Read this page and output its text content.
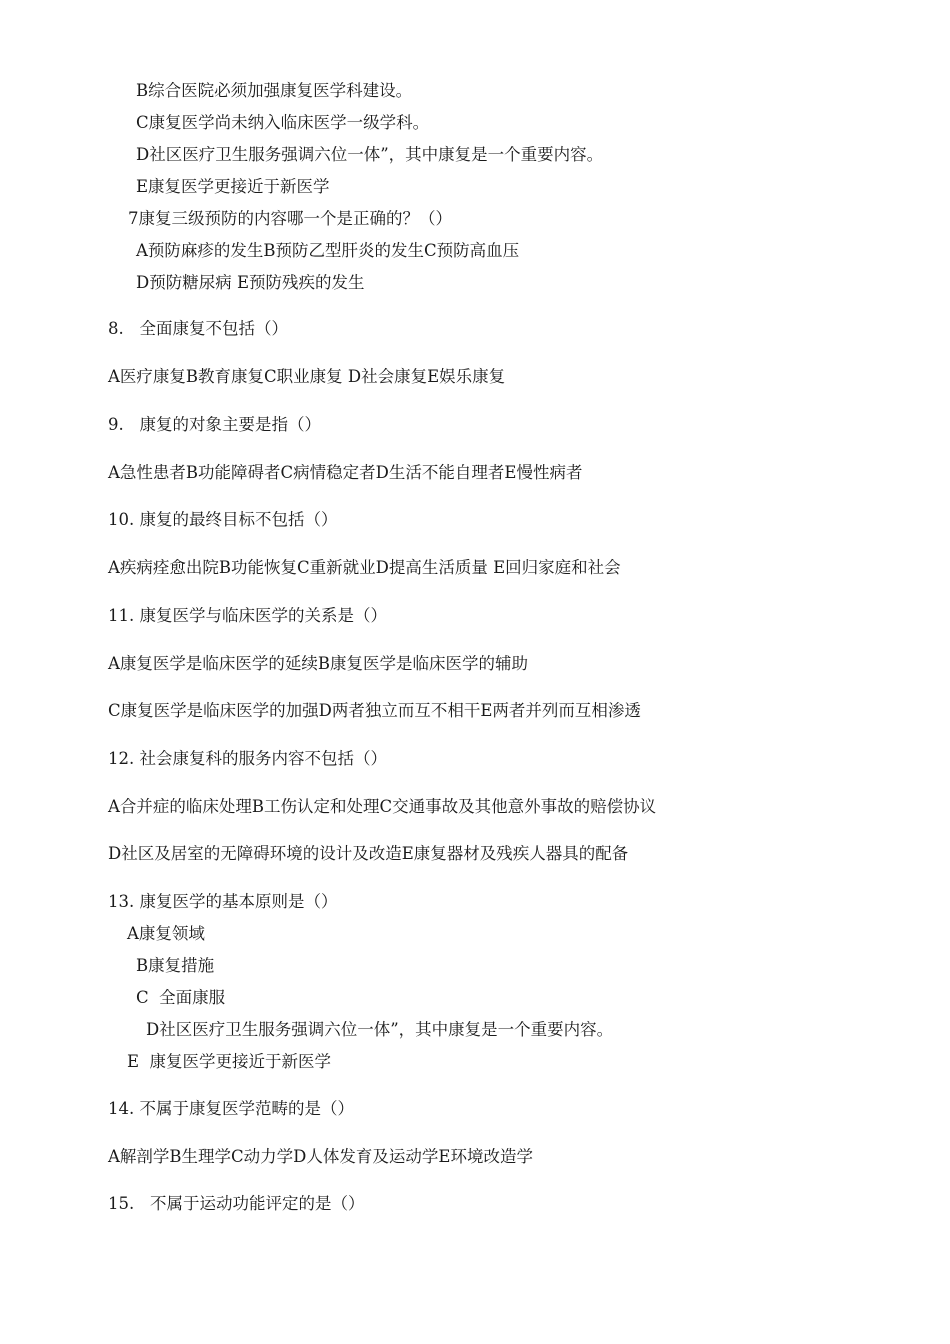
B综合医院必须加强康复医学科建设。
C康复医学尚未纳入临床医学一级学科。
D社区医疗卫生服务强调六位一体”，其中康复是一个重要内容。
E康复医学更接近于新医学
7康复三级预防的内容哪一个是正确的？（）
A预防麻疹的发生B预防乙型肝炎的发生C预防高血压
D预防糖尿病 E预防残疾的发生
8.   全面康复不包括（）
A医疗康复B教育康复C职业康复 D社会康复E娱乐康复
9.   康复的对象主要是指（）
A急性患者B功能障碍者C病情稳定者D生活不能自理者E慢性病者
10. 康复的最终目标不包括（）
A疾病痊愈出院B功能恢复C重新就业D提高生活质量 E回归家庭和社会
11. 康复医学与临床医学的关系是（）
A康复医学是临床医学的延续B康复医学是临床医学的辅助
C康复医学是临床医学的加强D两者独立而互不相干E两者并列而互相渗透
12. 社会康复科的服务内容不包括（）
A合并症的临床处理B工伤认定和处理C交通事故及其他意外事故的赔偿协议
D社区及居室的无障碍环境的设计及改造E康复器材及残疾人器具的配备
13. 康复医学的基本原则是（）
A康复领域
B康复措施
C  全面康服
D社区医疗卫生服务强调六位一体”，其中康复是一个重要内容。
E  康复医学更接近于新医学
14. 不属于康复医学范畴的是（）
A解剖学B生理学C动力学D人体发育及运动学E环境改造学
15.   不属于运动功能评定的是（）
